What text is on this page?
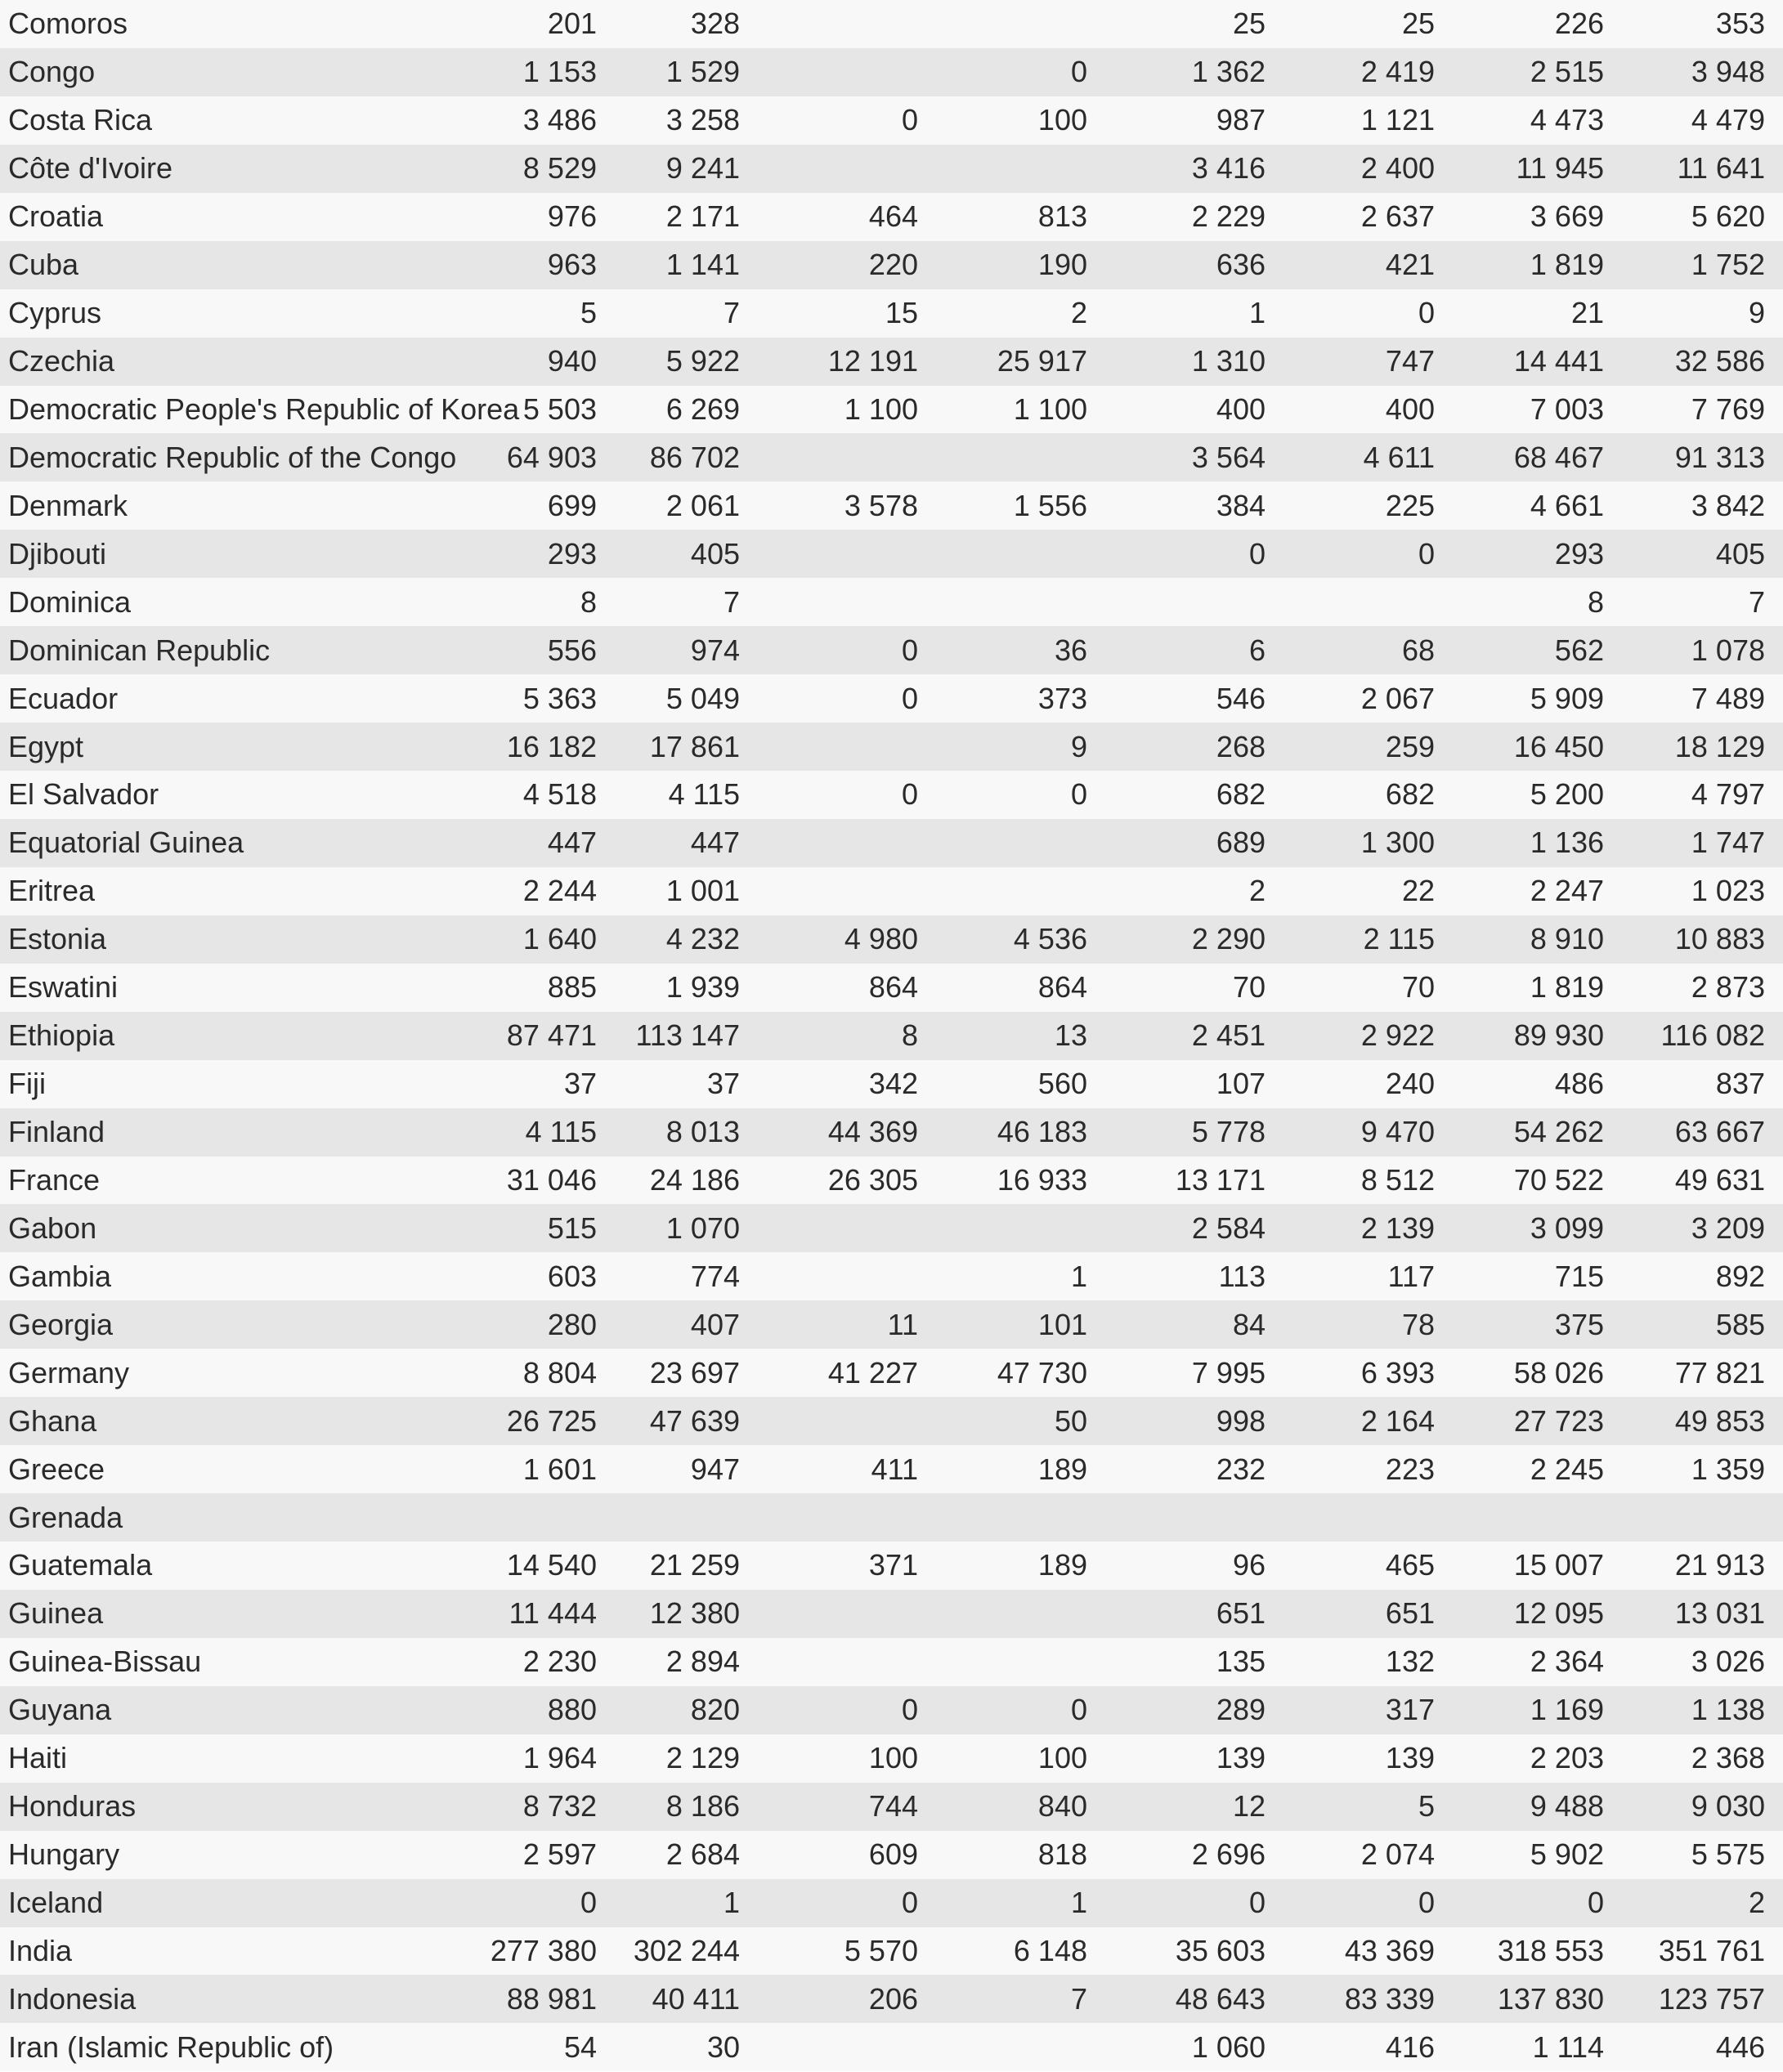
Comoros	201	328			25	25	226	353
Congo	1 153	1 529		0	1 362	2 419	2 515	3 948
Costa Rica	3 486	3 258	0	100	987	1 121	4 473	4 479
Côte d'Ivoire	8 529	9 241			3 416	2 400	11 945	11 641
Croatia	976	2 171	464	813	2 229	2 637	3 669	5 620
Cuba	963	1 141	220	190	636	421	1 819	1 752
Cyprus	5	7	15	2	1	0	21	9
Czechia	940	5 922	12 191	25 917	1 310	747	14 441	32 586
Democratic People's Republic of Korea	5 503	6 269	1 100	1 100	400	400	7 003	7 769
Democratic Republic of the Congo	64 903	86 702			3 564	4 611	68 467	91 313
Denmark	699	2 061	3 578	1 556	384	225	4 661	3 842
Djibouti	293	405			0	0	293	405
Dominica	8	7					8	7
Dominican Republic	556	974	0	36	6	68	562	1 078
Ecuador	5 363	5 049	0	373	546	2 067	5 909	7 489
Egypt	16 182	17 861		9	268	259	16 450	18 129
El Salvador	4 518	4 115	0	0	682	682	5 200	4 797
Equatorial Guinea	447	447			689	1 300	1 136	1 747
Eritrea	2 244	1 001			2	22	2 247	1 023
Estonia	1 640	4 232	4 980	4 536	2 290	2 115	8 910	10 883
Eswatini	885	1 939	864	864	70	70	1 819	2 873
Ethiopia	87 471	113 147	8	13	2 451	2 922	89 930	116 082
Fiji	37	37	342	560	107	240	486	837
Finland	4 115	8 013	44 369	46 183	5 778	9 470	54 262	63 667
France	31 046	24 186	26 305	16 933	13 171	8 512	70 522	49 631
Gabon	515	1 070			2 584	2 139	3 099	3 209
Gambia	603	774		1	113	117	715	892
Georgia	280	407	11	101	84	78	375	585
Germany	8 804	23 697	41 227	47 730	7 995	6 393	58 026	77 821
Ghana	26 725	47 639		50	998	2 164	27 723	49 853
Greece	1 601	947	411	189	232	223	2 245	1 359
Grenada								
Guatemala	14 540	21 259	371	189	96	465	15 007	21 913
Guinea	11 444	12 380			651	651	12 095	13 031
Guinea-Bissau	2 230	2 894			135	132	2 364	3 026
Guyana	880	820	0	0	289	317	1 169	1 138
Haiti	1 964	2 129	100	100	139	139	2 203	2 368
Honduras	8 732	8 186	744	840	12	5	9 488	9 030
Hungary	2 597	2 684	609	818	2 696	2 074	5 902	5 575
Iceland	0	1	0	1	0	0	0	2
India	277 380	302 244	5 570	6 148	35 603	43 369	318 553	351 761
Indonesia	88 981	40 411	206	7	48 643	83 339	137 830	123 757
Iran (Islamic Republic of)	54	30			1 060	416	1 114	446
